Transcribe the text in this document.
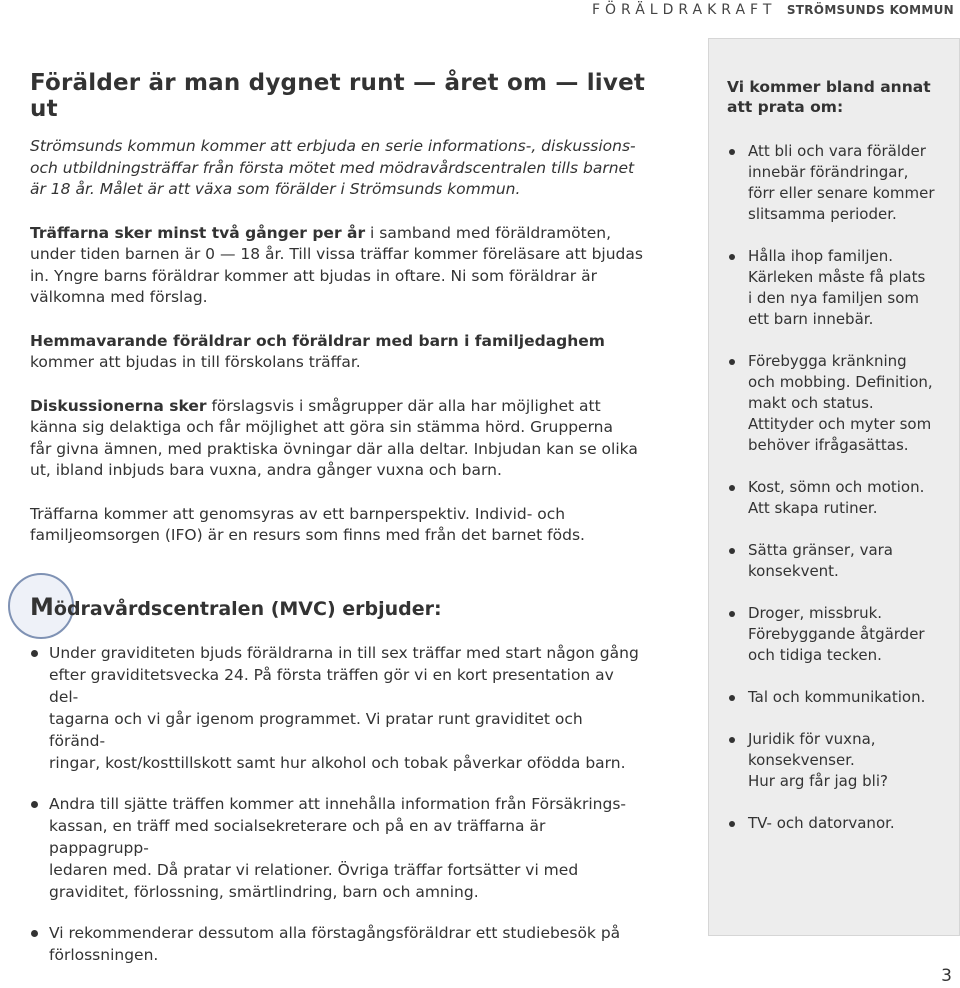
FÖRÄLDRAKRAFT STRÖMSUNDS KOMMUN
Förälder är man dygnet runt — året om — livet ut
Strömsunds kommun kommer att erbjuda en serie informations-, diskussions-
och utbildningsträffar från första mötet med mödravårdscentralen tills barnet
är 18 år. Målet är att växa som förälder i Strömsunds kommun.
Träffarna sker minst två gånger per år i samband med föräldramöten,
under tiden barnen är 0 — 18 år. Till vissa träffar kommer föreläsare att bjudas
in. Yngre barns föräldrar kommer att bjudas in oftare. Ni som föräldrar är
välkomna med förslag.
Hemmavarande föräldrar och föräldrar med barn i familjedaghem
kommer att bjudas in till förskolans träffar.
Diskussionerna sker förslagsvis i smågrupper där alla har möjlighet att
känna sig delaktiga och får möjlighet att göra sin stämma hörd. Grupperna
får givna ämnen, med praktiska övningar där alla deltar. Inbjudan kan se olika
ut, ibland inbjuds bara vuxna, andra gånger vuxna och barn.
Träffarna kommer att genomsyras av ett barnperspektiv. Individ- och
familjeomsorgen (IFO) är en resurs som finns med från det barnet föds.
Mödravårdscentralen (MVC) erbjuder:
Under graviditeten bjuds föräldrarna in till sex träffar med start någon gång
efter graviditetsvecka 24. På första träffen gör vi en kort presentation av del-
tagarna och vi går igenom programmet. Vi pratar runt graviditet och föränd-
ringar, kost/kosttillskott samt hur alkohol och tobak påverkar ofödda barn.
Andra till sjätte träffen kommer att innehålla information från Försäkrings-
kassan, en träff med socialsekreterare och på en av träffarna är pappagrupp-
ledaren med. Då pratar vi relationer. Övriga träffar fortsätter vi med
graviditet, förlossning, smärtlindring, barn och amning.
Vi rekommenderar dessutom alla förstagångsföräldrar ett studiebesök på
förlossningen.
Vi kommer bland annat
att prata om:
Att bli och vara förälder
innebär förändringar,
förr eller senare kommer
slitsamma perioder.
Hålla ihop familjen.
Kärleken måste få plats
i den nya familjen som
ett barn innebär.
Förebygga kränkning
och mobbing. Definition,
makt och status.
Attityder och myter som
behöver ifrågasättas.
Kost, sömn och motion.
Att skapa rutiner.
Sätta gränser, vara
konsekvent.
Droger, missbruk.
Förebyggande åtgärder
och tidiga tecken.
Tal och kommunikation.
Juridik för vuxna,
konsekvenser.
Hur arg får jag bli?
TV- och datorvanor.
3
